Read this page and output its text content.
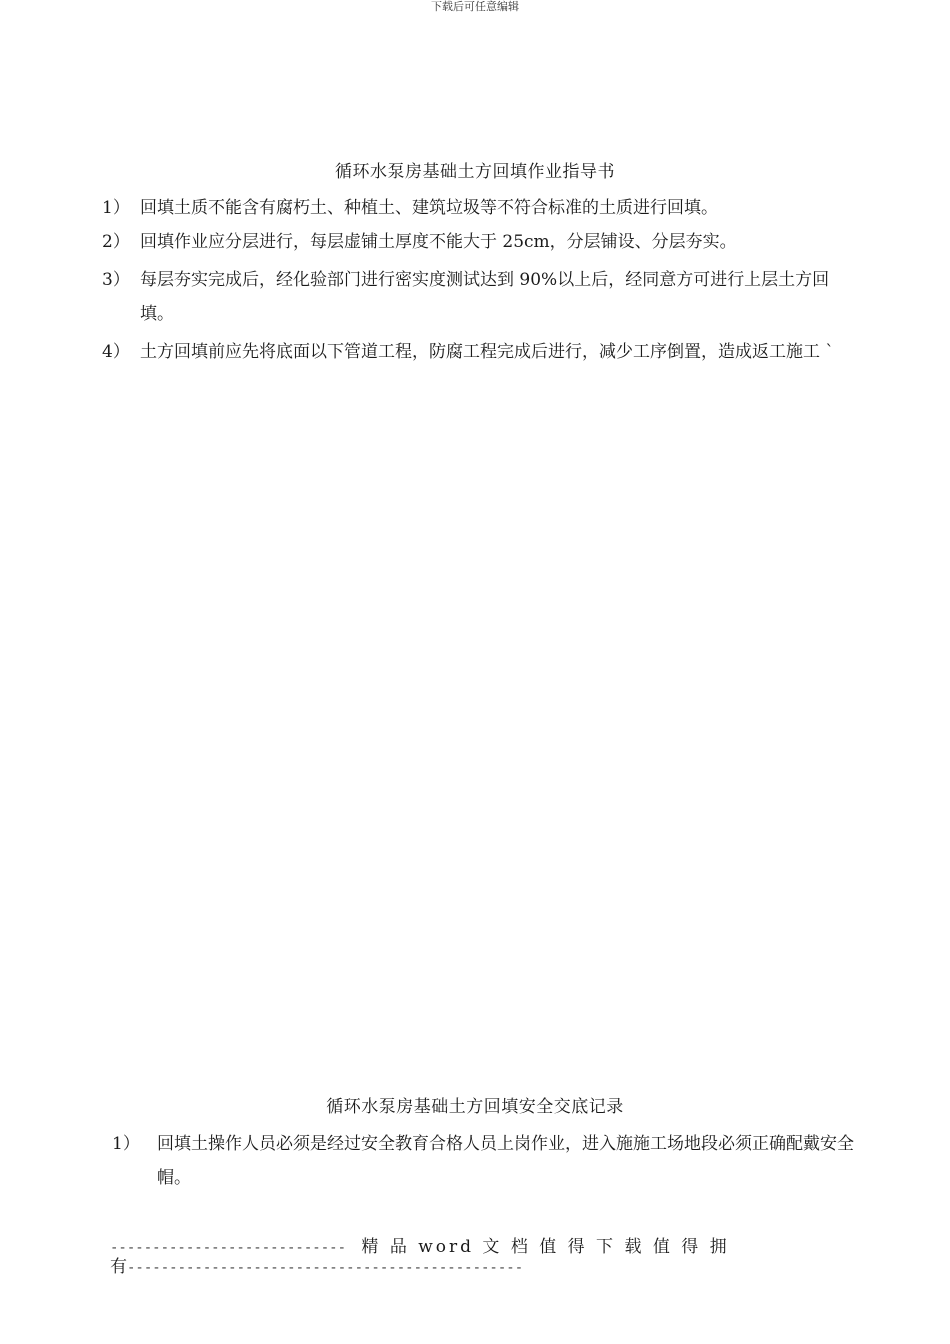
下载后可任意编辑
循环水泵房基础土方回填作业指导书
1） 回填土质不能含有腐朽土、种植土、建筑垃圾等不符合标准的土质进行回填。
2） 回填作业应分层进行，每层虚铺土厚度不能大于 25cm，分层铺设、分层夯实。
3） 每层夯实完成后，经化验部门进行密实度测试达到 90%以上后，经同意方可进行上层土方回填。
4） 土方回填前应先将底面以下管道工程，防腐工程完成后进行，减少工序倒置，造成返工施工 `
循环水泵房基础土方回填安全交底记录
1） 回填土操作人员必须是经过安全教育合格人员上岗作业，进入施施工场地段必须正确配戴安全帽。
---------------------------- 精 品 word 文 档 值 得 下 载 值 得 拥
有-----------------------------------------------
